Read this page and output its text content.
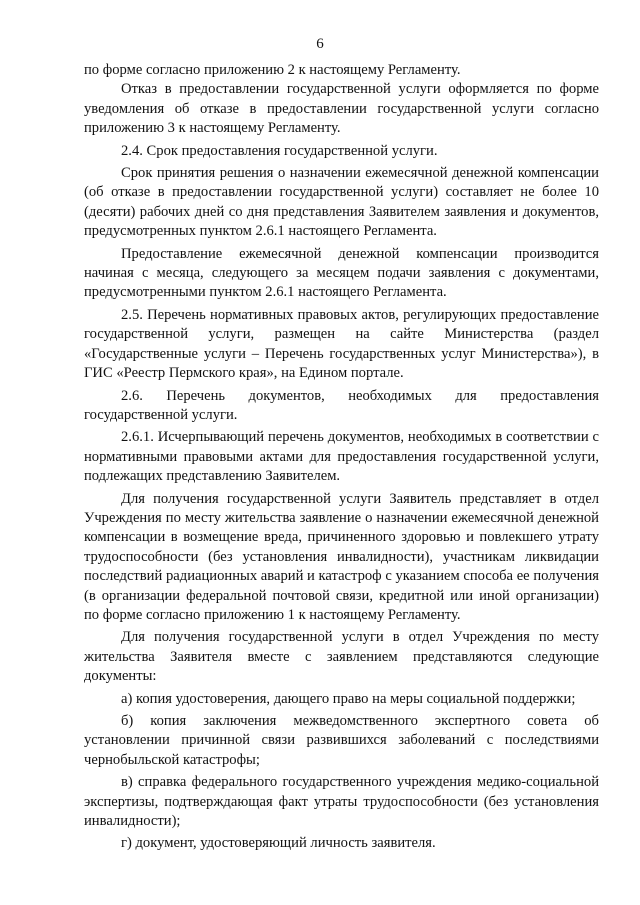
6

по форме согласно приложению 2 к настоящему Регламенту.

Отказ в предоставлении государственной услуги оформляется по форме уведомления об отказе в предоставлении государственной услуги согласно приложению 3 к настоящему Регламенту.

2.4. Срок предоставления государственной услуги.

Срок принятия решения о назначении ежемесячной денежной компенсации (об отказе в предоставлении государственной услуги) составляет не более 10 (десяти) рабочих дней со дня представления Заявителем заявления и документов, предусмотренных пунктом 2.6.1 настоящего Регламента.

Предоставление ежемесячной денежной компенсации производится начиная с месяца, следующего за месяцем подачи заявления с документами, предусмотренными пунктом 2.6.1 настоящего Регламента.

2.5. Перечень нормативных правовых актов, регулирующих предоставление государственной услуги, размещен на сайте Министерства (раздел «Государственные услуги – Перечень государственных услуг Министерства»), в ГИС «Реестр Пермского края», на Едином портале.

2.6. Перечень документов, необходимых для предоставления государственной услуги.

2.6.1. Исчерпывающий перечень документов, необходимых в соответствии с нормативными правовыми актами для предоставления государственной услуги, подлежащих представлению Заявителем.

Для получения государственной услуги Заявитель представляет в отдел Учреждения по месту жительства заявление о назначении ежемесячной денежной компенсации в возмещение вреда, причиненного здоровью и повлекшего утрату трудоспособности (без установления инвалидности), участникам ликвидации последствий радиационных аварий и катастроф с указанием способа ее получения (в организации федеральной почтовой связи, кредитной или иной организации) по форме согласно приложению 1 к настоящему Регламенту.

Для получения государственной услуги в отдел Учреждения по месту жительства Заявителя вместе с заявлением представляются следующие документы:

а) копия удостоверения, дающего право на меры социальной поддержки;

б) копия заключения межведомственного экспертного совета об установлении причинной связи развившихся заболеваний с последствиями чернобыльской катастрофы;

в) справка федерального государственного учреждения медико-социальной экспертизы, подтверждающая факт утраты трудоспособности (без установления инвалидности);

г) документ, удостоверяющий личность заявителя.
